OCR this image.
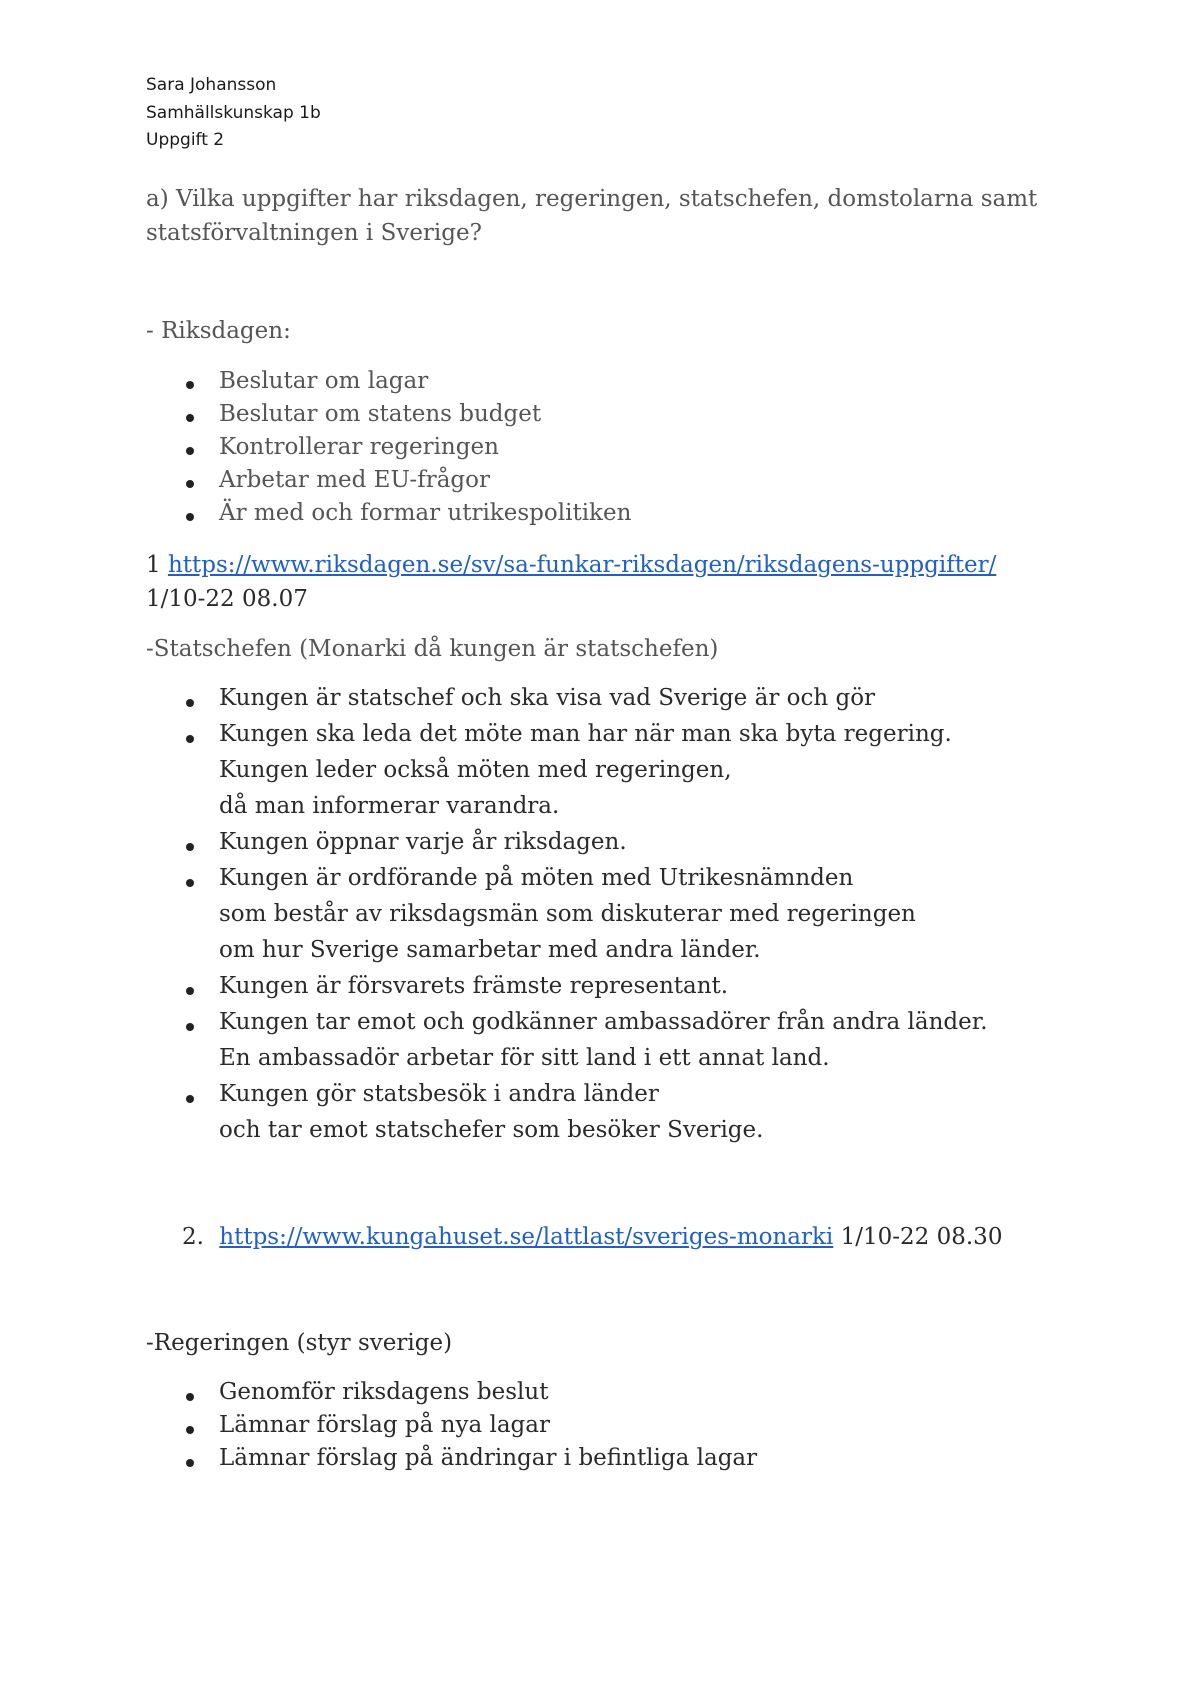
Sara Johansson
Samhällskunskap 1b
Uppgift 2
a) Vilka uppgifter har riksdagen, regeringen, statschefen, domstolarna samt
statsförvaltningen i Sverige?
- Riksdagen:
Beslutar om lagar
Beslutar om statens budget
Kontrollerar regeringen
Arbetar med EU-frågor
Är med och formar utrikespolitiken
1 https://www.riksdagen.se/sv/sa-funkar-riksdagen/riksdagens-uppgifter/
1/10-22 08.07
-Statschefen (Monarki då kungen är statschefen)
Kungen är statschef och ska visa vad Sverige är och gör
Kungen ska leda det möte man har när man ska byta regering.
Kungen leder också möten med regeringen,
då man informerar varandra.
Kungen öppnar varje år riksdagen.
Kungen är ordförande på möten med Utrikesnämnden
som består av riksdagsmän som diskuterar med regeringen
om hur Sverige samarbetar med andra länder.
Kungen är försvarets främste representant.
Kungen tar emot och godkänner ambassadörer från andra länder.
En ambassadör arbetar för sitt land i ett annat land.
Kungen gör statsbesök i andra länder
och tar emot statschefer som besöker Sverige.
2. https://www.kungahuset.se/lattlast/sveriges-monarki 1/10-22 08.30
-Regeringen (styr sverige)
Genomför riksdagens beslut
Lämnar förslag på nya lagar
Lämnar förslag på ändringar i befintliga lagar
